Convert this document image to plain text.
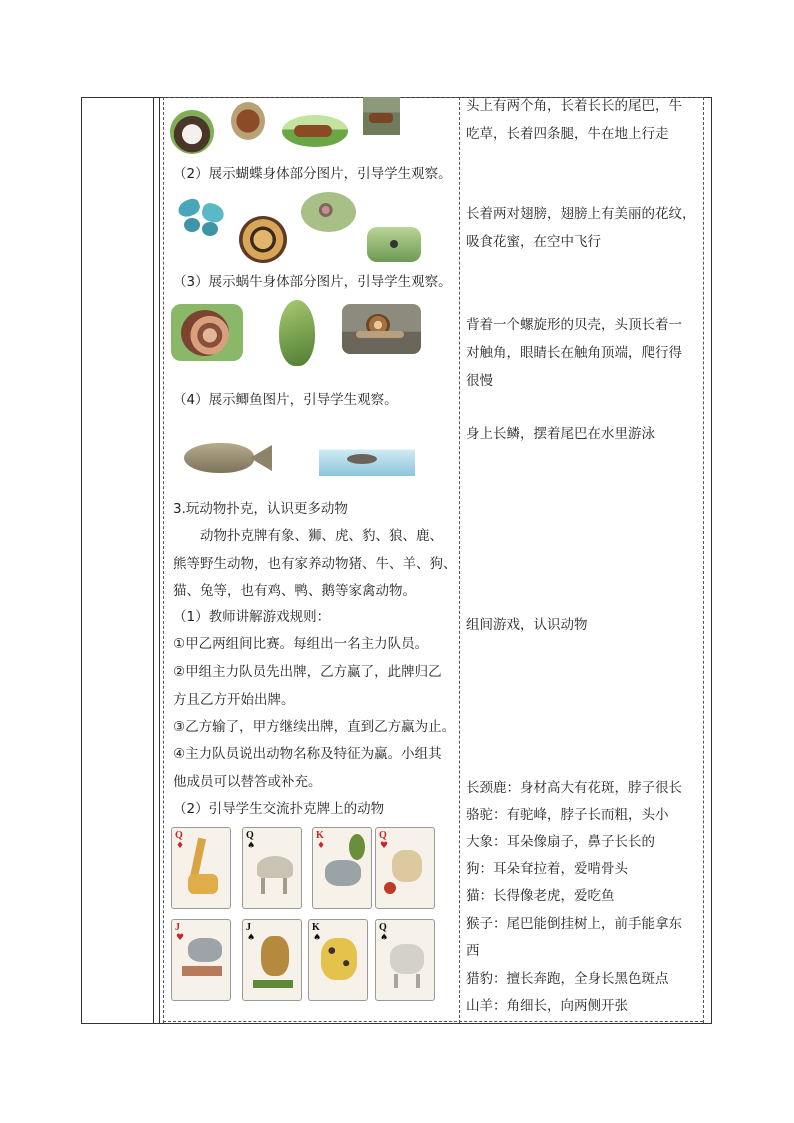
头上有两个角，长着长长的尾巴，牛
吃草，长着四条腿，牛在地上行走
（2）展示蝴蝶身体部分图片，引导学生观察。
长着两对翅膀，翅膀上有美丽的花纹，
吸食花蜜，在空中飞行
（3）展示蜗牛身体部分图片，引导学生观察。
背着一个螺旋形的贝壳，头顶长着一
对触角，眼睛长在触角顶端，爬行得
很慢
（4）展示鲫鱼图片，引导学生观察。
身上长鳞，摆着尾巴在水里游泳
3.玩动物扑克，认识更多动物
动物扑克牌有象、狮、虎、豹、狼、鹿、
熊等野生动物，也有家养动物猪、牛、羊、狗、
猫、兔等，也有鸡、鸭、鹅等家禽动物。
（1）教师讲解游戏规则：	组间游戏，认识动物
①甲乙两组间比赛。每组出一名主力队员。
②甲组主力队员先出牌，乙方赢了，此牌归乙
方且乙方开始出牌。
③乙方输了，甲方继续出牌，直到乙方赢为止。
④主力队员说出动物名称及特征为赢。小组其
他成员可以替答或补充。
（2）引导学生交流扑克牌上的动物
长颈鹿：身材高大有花斑，脖子很长
骆驼：有驼峰，脖子长而粗，头小
大象：耳朵像扇子，鼻子长长的
狗：耳朵耷拉着，爱啃骨头
猫：长得像老虎，爱吃鱼
猴子：尾巴能倒挂树上，前手能拿东
西
猎豹：擅长奔跑，全身长黑色斑点
山羊：角细长，向两侧开张
Q
♦
Q
♠
K
♦
Q
♥
J
♥
J
♠
K
♠
Q
♠
